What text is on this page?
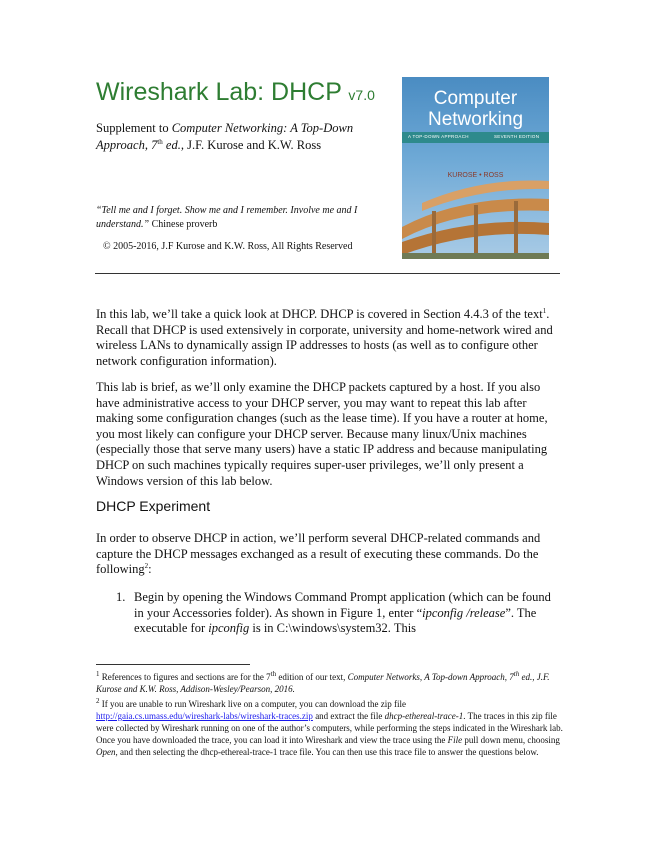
Wireshark Lab: DHCP v7.0
Supplement to Computer Networking: A Top-Down Approach, 7th ed., J.F. Kurose and K.W. Ross
“Tell me and I forget. Show me and I remember. Involve me and I understand.” Chinese proverb
© 2005-2016, J.F Kurose and K.W. Ross, All Rights Reserved
Computer
Networking
A TOP-DOWN APPROACH	SEVENTH EDITION
KUROSE • ROSS

In this lab, we’ll take a quick look at DHCP. DHCP is covered in Section 4.4.3 of the text$^1$. Recall that DHCP is used extensively in corporate, university and home-network wired and wireless LANs to dynamically assign IP addresses to hosts (as well as to configure other network configuration information).

This lab is brief, as we’ll only examine the DHCP packets captured by a host. If you also have administrative access to your DHCP server, you may want to repeat this lab after making some configuration changes (such as the lease time). If you have a router at home, you most likely can configure your DHCP server. Because many linux/Unix machines (especially those that serve many users) have a static IP address and because manipulating DHCP on such machines typically requires super-user privileges, we’ll only present a Windows version of this lab below.

DHCP Experiment

In order to observe DHCP in action, we’ll perform several DHCP-related commands and capture the DHCP messages exchanged as a result of executing these commands. Do the following$^2$:

1. Begin by opening the Windows Command Prompt application (which can be found in your Accessories folder). As shown in Figure 1, enter “ipconfig /release”. The executable for ipconfig is in C:\windows\system32. This

$^1$ References to figures and sections are for the 7th edition of our text, Computer Networks, A Top-down Approach, 7th ed., J.F. Kurose and K.W. Ross, Addison-Wesley/Pearson, 2016.

$^2$ If you are unable to run Wireshark live on a computer, you can download the zip file
http://gaia.cs.umass.edu/wireshark-labs/wireshark-traces.zip and extract the file dhcp-ethereal-trace-1. The traces in this zip file were collected by Wireshark running on one of the author’s computers, while performing the steps indicated in the Wireshark lab. Once you have downloaded the trace, you can load it into Wireshark and view the trace using the File pull down menu, choosing Open, and then selecting the dhcp-ethereal-trace-1 trace file. You can then use this trace file to answer the questions below.
